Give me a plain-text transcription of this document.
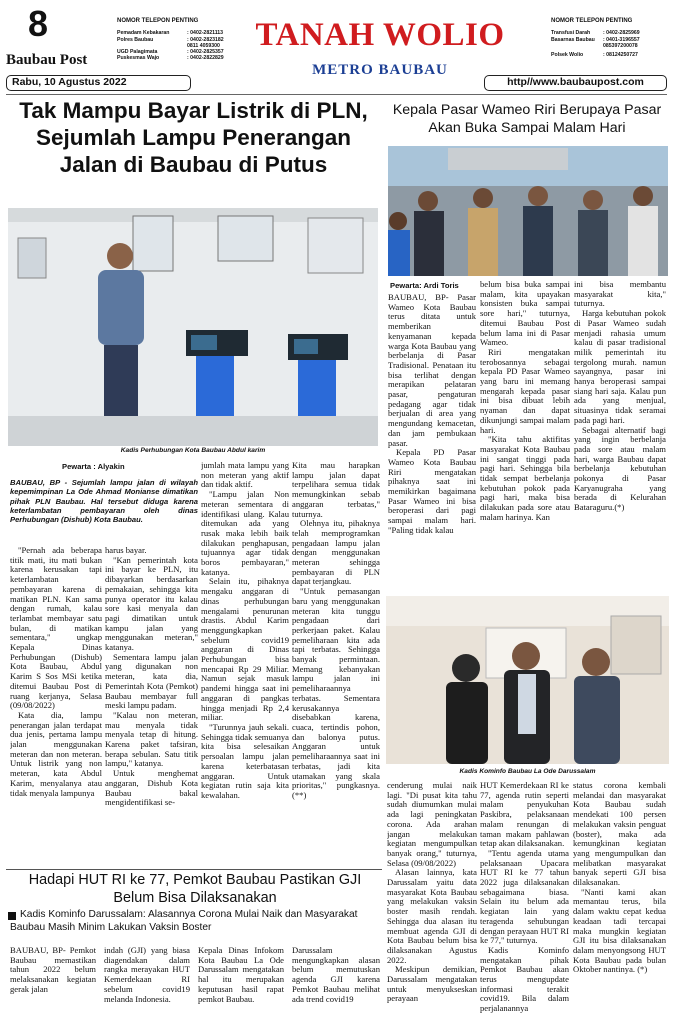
8
Baubau Post
NOMOR TELEPON PENTING
Pemadam Kebakaran	: 0402-2821113
Polres Baubau	: 0402-2823182
0811 4059300
UGD Palagimata	: 0402-2825357
Puskesmas Wajo	: 0402-2822829
TANAH WOLIO
METRO BAUBAU
NOMOR TELEPON PENTING
Transfusi Darah	: 0402-2825969
Basarnas Baubau	: 0401-3196557
085397200078
Polsek Wolio	: 08124250727
Rabu, 10 Agustus 2022	http//www.baubaupost.com
Tak Mampu Bayar Listrik di PLN, Sejumlah Lampu Penerangan Jalan di Baubau di Putus
Kadis Perhubungan Kota Baubau Abdul karim
Pewarta : Alyakin
BAUBAU, BP - Sejumlah lampu jalan di wilayah kepemimpinan La Ode Ahmad Monianse dimatikan pihak PLN Baubau. Hal tersebut diduga karena keterlambatan pembayaran oleh dinas Perhubungan (Dishub) Kota Baubau.

"Pernah ada beberapa titik mati, itu mati bukan karena kerusakan tapi keterlambatan pembayaran karena di matikan PLN. Kan sama dengan rumah, kalau terlambat membayar satu bulan, di matikan sementara," ungkap Kepala Dinas Perhubungan (Dishub) Kota Baubau, Abdul Karim S Sos MSi ketika ditemui Baubau Post di ruang kerjanya, Selasa (09/08/2022)

Kata dia, lampu penerangan jalan terdapat dua jenis, pertama lampu jalan menggunakan meteran dan non meteran. Untuk listrik yang non meteran, kata Abdul Karim, menyalanya atau tidak menyala lampunya

harus bayar.

"Kan pemerintah kota ini bayar ke PLN, itu dibayarkan berdasarkan pemakaian, sehingga kita punya operator itu kalau sore kasi menyala dan pagi dimatikan untuk kampu jalan yang menggunakan meteran," katanya.

Sementara lampu jalan yang digunakan non meteran, kata dia, Pemerintah Kota (Pemkot) Baubau membayar full meski lampu padam.

"Kalau non meteran, mau menyala tidak menyala tetap di hitung. Karena paket tafsiran, berapa sebulan. Satu titik lampu," katanya.

Untuk menghemat anggaran, Dishub Kota Baubau bakal mengidentifikasi se-

jumlah mata lampu yang non meteran yang aktif dan tidak aktif.

"Lampu jalan Non meteran sementara di identifikasi ulang. Kalau ditemukan ada yang rusak maka lebih baik dilakukan penghapusan, tujuannya agar tidak boros pembayaran," katanya.

Selain itu, pihaknya mengaku anggaran di dinas perhubungan mengalami penurunan drastis. Abdul Karim menggungkapkan sebelum covid19 anggaran di Dinas Perhubungan bisa mencapai Rp 29 Miliar. Namun sejak masuk pandemi hingga saat ini anggaran di pangkas hingga menjadi Rp 2,4 miliar.

"Turunnya jauh sekali. Sehingga tidak semuanya kita bisa selesaikan persoalan lampu jalan karena keterbatasan anggaran. Untuk kegiatan rutin saja kita kewalahan.

Kita mau harapkan lampu jalan dapat terpelihara semua tidak memungkinkan sebab anggaran terbatas," tuturnya.

Olehnya itu, pihaknya telah memprogramkan pengadaan lampu jalan dengan menggunakan meteran sehingga pembayaran di PLN dapat terjangkau.

"Untuk pemasangan baru yang menggunakan meteran kita tunggu pengadaan dari perkerjaan paket. Kalau pemeliharaan kita ada tapi terbatas. Sehingga banyak permintaan. Memang kebanyakan lampu jalan ini pemeliharaannya terbatas. Sementara kerusakannya disebabkan karena, cuaca, tertindis pohon, dan balonya putus. Anggaran untuk pemeliharaannya saat ini terbatas, jadi kita utamakan yang skala prioritas," pungkasnya.(**)

Kepala Pasar Wameo Riri Berupaya Pasar Akan Buka Sampai Malam Hari
Pewarta: Ardi Toris

BAUBAU, BP- Pasar Wameo Kota Baubau terus ditata untuk memberikan kenyamanan kepada warga Kota Baubau yang berbelanja di Pasar Tradisional. Penataan itu bisa terlihat dengan merapikan pelataran pasar, pengaturan pedagang agar tidak berjualan di area yang mengundang kemacetan, dan jam pembukaan pasar.

Kepala PD Pasar Wameo Kota Baubau Riri mengatakan pihaknya saat ini memikirkan bagaimana Pasar Wameo ini bisa beroperasi dari pagi sampai malam hari. "Paling tidak kalau

belum bisa buka sampai malam, kita upayakan konsisten buka sampai sore hari," tuturnya, ditemui Baubau Post belum lama ini di Pasar Wameo.

Riri mengatakan terobosannya sebagai kepala PD Pasar Wameo yang baru ini memang mengarah kepada pasar ini bisa dibuat lebih nyaman dan dapat dikunjungi sampai malam hari.

"Kita tahu aktifitas masyarakat Kota Baubau ini sangat tinggi pada pagi hari. Sehingga bila tidak sempat berbelanja kebutuhan pokok pada pagi hari, maka bisa dilakukan pada sore atau malam harinya. Kan

ini bisa membantu masyarakat kita," tuturnya.

Harga kebutuhan pokok di Pasar Wameo sudah menjadi rahasia umum kalau di pasar tradisional milik pemerintah itu tergolong murah. namun sayangnya, pasar ini hanya beroperasi sampai siang hari saja. Kalau pun ada yang menjual, situasinya tidak seramai pada pagi hari.

Sebagai alternatif bagi yang ingin berbelanja pada sore atau malam hari, warga Baubau dapat berbelanja kebutuhan pokonya di Pasar Karyanugraha yang berada di Kelurahan Bataraguru.(*)

Kadis Kominfo Baubau La Ode Darussalam

cenderung mulai naik lagi. "Di pusat kita tahu sudah diumumkan mulai ada lagi peningkatan corona. Ada arahan jangan melakukan kegiatan mengumpulkan banyak orang," tuturnya, Selasa (09/08/2022)

Alasan lainnya, kata Darussalam yaitu data masyarakat Kota Baubau yang melakukan vaksin boster masih rendah. Sehingga dua alasan itu membuat agenda GJI di Kota Baubau belum bisa dilaksanakan Agustus 2022.

Meskipun demikian, Darussalam mengatakan untuk menyukseskan perayaan

HUT Kemerdekaan RI ke 77, agenda rutin seperti malam penyukuhan Paskibra, pelaksanaan malam renungan di taman makam pahlawan tetap akan dilaksanakan.

"Tentu agenda utama pelaksanaan Upacara HUT RI ke 77 tahun 2022 juga dilaksanakan sebagaimana biasa. Selain itu belum ada kegiatan lain yang teragenda sehubungan dengan perayaan HUT RI ke 77," tuturnya.

Kadis Kominfo mengatakan pihak Pemkot Baubau akan terus mengupdate informasi terakit covid19. Bila dalam perjalanannya

status corona kembali melandai dan masyarakat Kota Baubau sudah mendekati 100 persen melakukan vaksin penguat (boster), maka ada kemungkinan kegiatan yang mengumpulkan dan melibatkan masyarakat banyak seperti GJI bisa dilaksanakan.

"Nanti kami akan memantau terus, bila dalam waktu cepat kedua keadaan tadi tercapai maka mungkin kegiatan GJI itu bisa dilaksanakan dalam menyongsong HUT Kota Baubau pada bulan Oktober nantinya. (*)

Hadapi HUT RI ke 77, Pemkot Baubau Pastikan GJI Belum Bisa Dilaksanakan
Kadis Kominfo Darussalam: Alasannya Corona Mulai Naik dan Masyarakat Baubau Masih Minim Lakukan Vaksin Boster

BAUBAU, BP- Pemkot Baubau memastikan tahun 2022 belum melaksanakan kegiatan gerak jalan

indah (GJI) yang biasa diagendakan dalam rangka merayakan HUT Kemerdekaan RI sebelum covid19 melanda Indonesia.

Kepala Dinas Infokom Kota Baubau La Ode Darussalam mengatakan hal itu merupakan keputusan hasil rapat pemkot Baubau.

Darussalam mengungkapkan alasan belum memutuskan agenda GJI karena Pemkot Baubau melihat ada trend covid19
